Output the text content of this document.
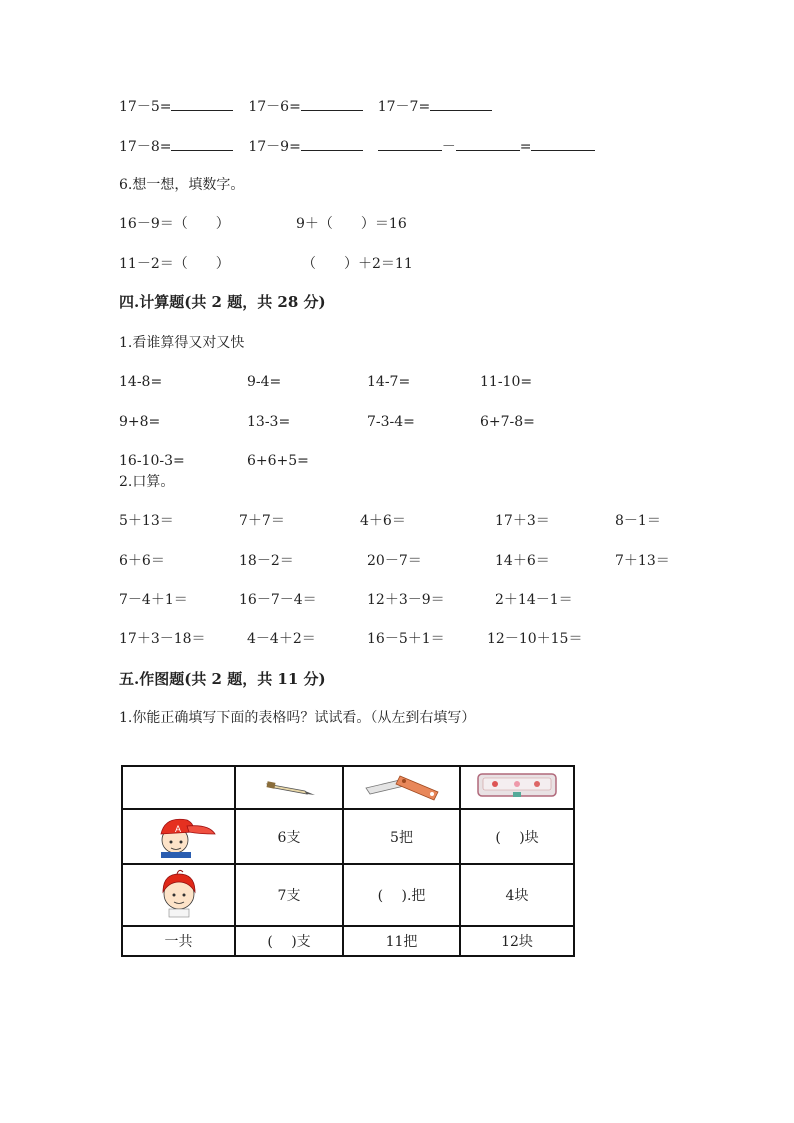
17－5=	17－6=	17－7=
17－8=	17－9=	－	=
6.想一想，填数字。
16－9＝（　　）	9＋（　　）＝16
11－2＝（　　）	（　　）＋2＝11
四.计算题(共 2 题，共 28 分)
1.看谁算得又对又快
14-8=	9-4=	14-7=	11-10=
9+8=	13-3=	7-3-4=	6+7-8=
16-10-3=	6+6+5=
2.口算。
5＋13＝	7＋7＝	4＋6＝	17＋3＝	8－1＝
6＋6＝	18－2＝	20－7＝	14＋6＝	7＋13＝
7－4＋1＝	16－7－4＝	12＋3－9＝	2＋14－1＝
17＋3－18＝	4－4＋2＝	16－5＋1＝	12－10＋15＝
五.作图题(共 2 题，共 11 分)
1.你能正确填写下面的表格吗？试试看。（从左到右填写）

A	6支	5把	(　 )块
	7支	(　 ).把	4块
一共	(　 )支	11把	12块
